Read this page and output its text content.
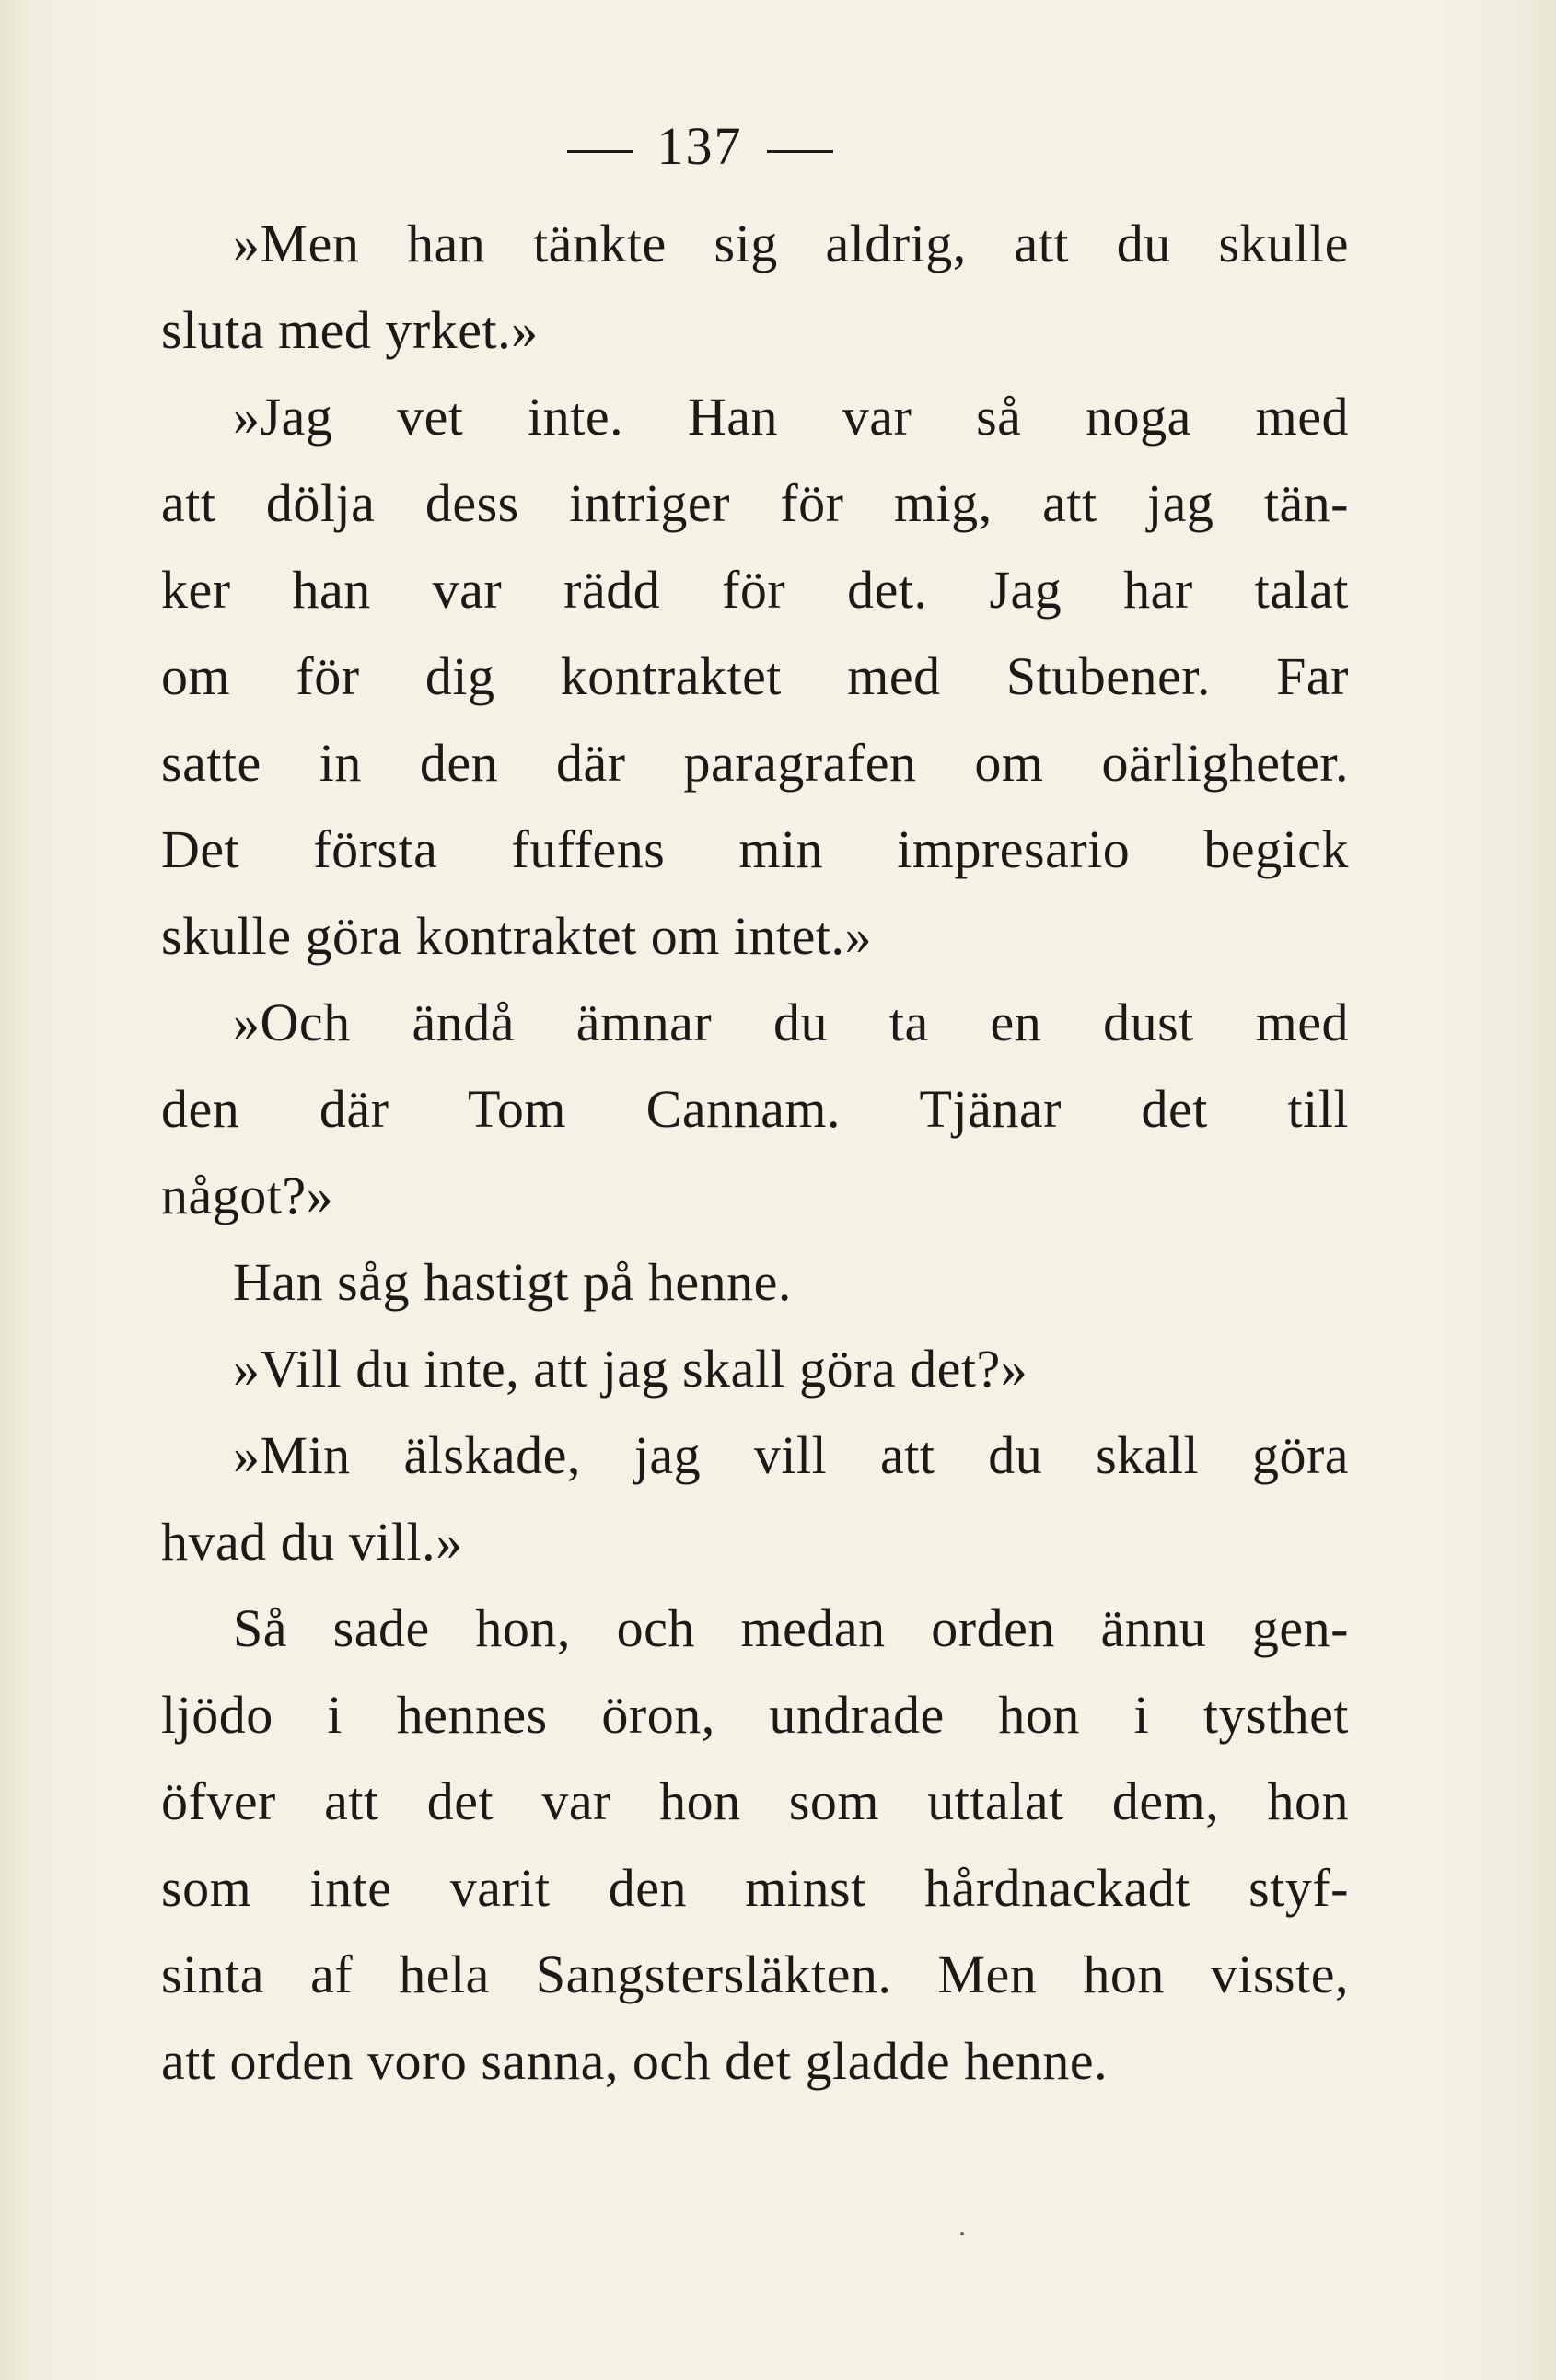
137
»Men han tänkte sig aldrig, att du skulle
sluta med yrket.»
»Jag vet inte. Han var så noga med
att dölja dess intriger för mig, att jag tän-
ker han var rädd för det. Jag har talat
om för dig kontraktet med Stubener. Far
satte in den där paragrafen om oärligheter.
Det första fuffens min impresario begick
skulle göra kontraktet om intet.»
»Och ändå ämnar du ta en dust med
den där Tom Cannam. Tjänar det till
något?»
Han såg hastigt på henne.
»Vill du inte, att jag skall göra det?»
»Min älskade, jag vill att du skall göra
hvad du vill.»
Så sade hon, och medan orden ännu gen-
ljödo i hennes öron, undrade hon i tysthet
öfver att det var hon som uttalat dem, hon
som inte varit den minst hårdnackadt styf-
sinta af hela Sangstersläkten. Men hon visste,
att orden voro sanna, och det gladde henne.
